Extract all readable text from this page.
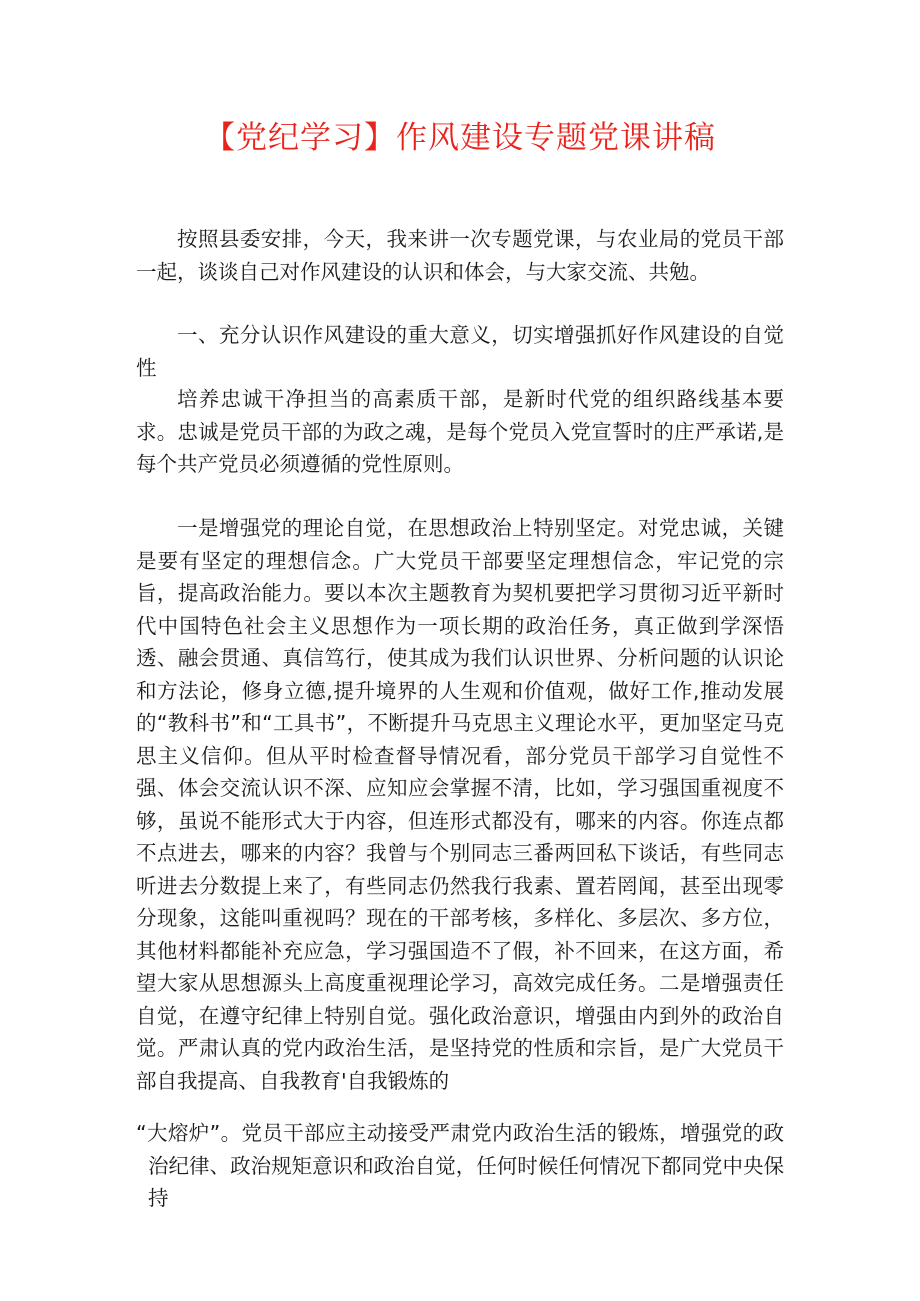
【党纪学习】作风建设专题党课讲稿

按照县委安排，今天，我来讲一次专题党课，与农业局的党员干部一起，谈谈自己对作风建设的认识和体会，与大家交流、共勉。

一、充分认识作风建设的重大意义，切实增强抓好作风建设的自觉性

培养忠诚干净担当的高素质干部，是新时代党的组织路线基本要求。忠诚是党员干部的为政之魂，是每个党员入党宣誓时的庄严承诺,是每个共产党员必须遵循的党性原则。

一是增强党的理论自觉，在思想政治上特别坚定。对党忠诚，关键是要有坚定的理想信念。广大党员干部要坚定理想信念，牢记党的宗旨，提高政治能力。要以本次主题教育为契机要把学习贯彻习近平新时代中国特色社会主义思想作为一项长期的政治任务，真正做到学深悟透、融会贯通、真信笃行，使其成为我们认识世界、分析问题的认识论和方法论，修身立德,提升境界的人生观和价值观，做好工作,推动发展的“教科书”和“工具书”，不断提升马克思主义理论水平，更加坚定马克思主义信仰。但从平时检查督导情况看，部分党员干部学习自觉性不强、体会交流认识不深、应知应会掌握不清，比如，学习强国重视度不够，虽说不能形式大于内容，但连形式都没有，哪来的内容。你连点都不点进去，哪来的内容？我曾与个别同志三番两回私下谈话，有些同志听进去分数提上来了，有些同志仍然我行我素、置若罔闻，甚至出现零分现象，这能叫重视吗？现在的干部考核，多样化、多层次、多方位，其他材料都能补充应急，学习强国造不了假，补不回来，在这方面，希望大家从思想源头上高度重视理论学习，高效完成任务。二是增强责任自觉，在遵守纪律上特别自觉。强化政治意识，增强由内到外的政治自觉。严肃认真的党内政治生活，是坚持党的性质和宗旨，是广大党员干部自我提高、自我教育'自我锻炼的

“大熔炉”。党员干部应主动接受严肃党内政治生活的锻炼，增强党的政治纪律、政治规矩意识和政治自觉，任何时候任何情况下都同党中央保持
